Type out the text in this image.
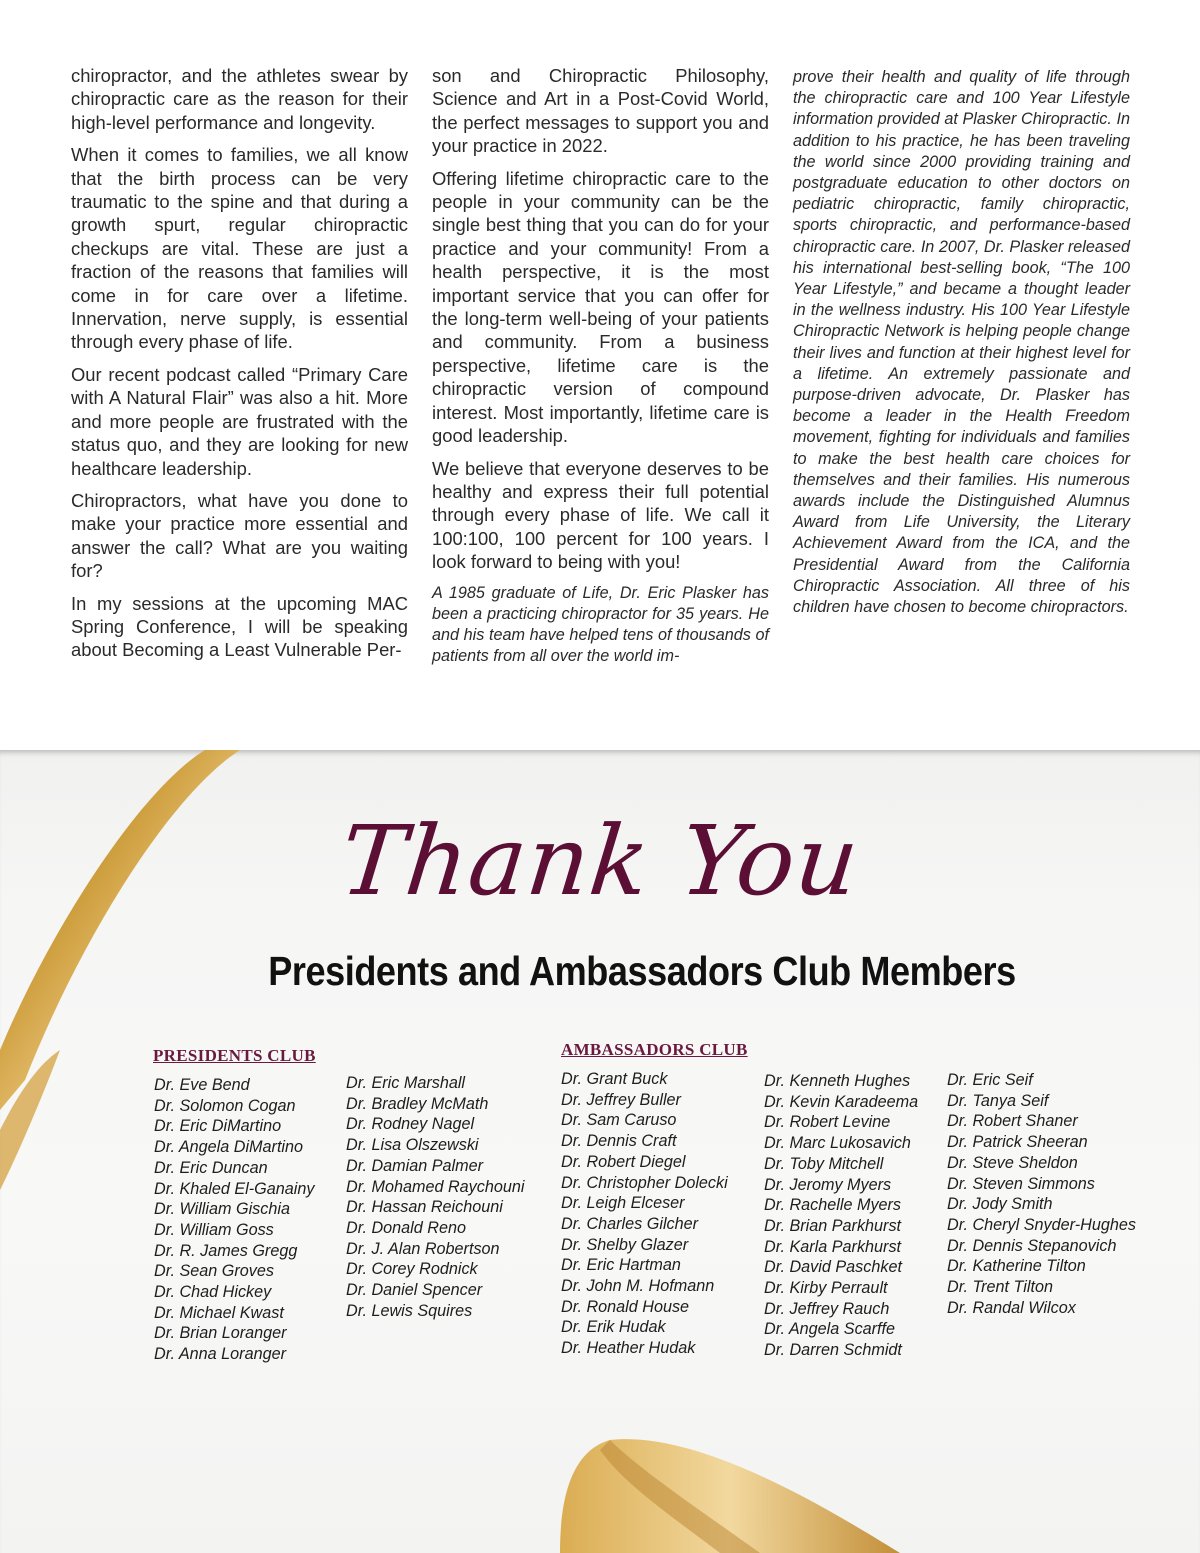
chiropractor, and the athletes swear by chiropractic care as the reason for their high-level performance and longevity.

When it comes to families, we all know that the birth process can be very traumatic to the spine and that during a growth spurt, regular chiropractic checkups are vital. These are just a fraction of the reasons that families will come in for care over a lifetime. Innervation, nerve supply, is essential through every phase of life.

Our recent podcast called “Primary Care with A Natural Flair” was also a hit. More and more people are frustrated with the status quo, and they are looking for new healthcare leadership.

Chiropractors, what have you done to make your practice more essential and answer the call? What are you waiting for?

In my sessions at the upcoming MAC Spring Conference, I will be speaking about Becoming a Least Vulnerable Per-

son and Chiropractic Philosophy, Science and Art in a Post-Covid World, the perfect messages to support you and your practice in 2022.

Offering lifetime chiropractic care to the people in your community can be the single best thing that you can do for your practice and your community! From a health perspective, it is the most important service that you can offer for the long-term well-being of your patients and community. From a business perspective, lifetime care is the chiropractic version of compound interest. Most importantly, lifetime care is good leadership.

We believe that everyone deserves to be healthy and express their full potential through every phase of life. We call it 100:100, 100 percent for 100 years. I look forward to being with you!

A 1985 graduate of Life, Dr. Eric Plasker has been a practicing chiropractor for 35 years. He and his team have helped tens of thousands of patients from all over the world im-

prove their health and quality of life through the chiropractic care and 100 Year Lifestyle information provided at Plasker Chiropractic. In addition to his practice, he has been traveling the world since 2000 providing training and postgraduate education to other doctors on pediatric chiropractic, family chiropractic, sports chiropractic, and performance-based chiropractic care. In 2007, Dr. Plasker released his international best-selling book, “The 100 Year Lifestyle,” and became a thought leader in the wellness industry. His 100 Year Lifestyle Chiropractic Network is helping people change their lives and function at their highest level for a lifetime. An extremely passionate and purpose-driven advocate, Dr. Plasker has become a leader in the Health Freedom movement, fighting for individuals and families to make the best health care choices for themselves and their families. His numerous awards include the Distinguished Alumnus Award from Life University, the Literary Achievement Award from the ICA, and the Presidential Award from the California Chiropractic Association. All three of his children have chosen to become chiropractors.

Thank You
Presidents and Ambassadors Club Members
PRESIDENTS CLUB
Dr. Eve Bend
Dr. Solomon Cogan
Dr. Eric DiMartino
Dr. Angela DiMartino
Dr. Eric Duncan
Dr. Khaled El-Ganainy
Dr. William Gischia
Dr. William Goss
Dr. R. James Gregg
Dr. Sean Groves
Dr. Chad Hickey
Dr. Michael Kwast
Dr. Brian Loranger
Dr. Anna Loranger
Dr. Eric Marshall
Dr. Bradley McMath
Dr. Rodney Nagel
Dr. Lisa Olszewski
Dr. Damian Palmer
Dr. Mohamed Raychouni
Dr. Hassan Reichouni
Dr. Donald Reno
Dr. J. Alan Robertson
Dr. Corey Rodnick
Dr. Daniel Spencer
Dr. Lewis Squires
AMBASSADORS CLUB
Dr. Grant Buck
Dr. Jeffrey Buller
Dr. Sam Caruso
Dr. Dennis Craft
Dr. Robert Diegel
Dr. Christopher Dolecki
Dr. Leigh Elceser
Dr. Charles Gilcher
Dr. Shelby Glazer
Dr. Eric Hartman
Dr. John M. Hofmann
Dr. Ronald House
Dr. Erik Hudak
Dr. Heather Hudak
Dr. Kenneth Hughes
Dr. Kevin Karadeema
Dr. Robert Levine
Dr. Marc Lukosavich
Dr. Toby Mitchell
Dr. Jeromy Myers
Dr. Rachelle Myers
Dr. Brian Parkhurst
Dr. Karla Parkhurst
Dr. David Paschket
Dr. Kirby Perrault
Dr. Jeffrey Rauch
Dr. Angela Scarffe
Dr. Darren Schmidt
Dr. Eric Seif
Dr. Tanya Seif
Dr. Robert Shaner
Dr. Patrick Sheeran
Dr. Steve Sheldon
Dr. Steven Simmons
Dr. Jody Smith
Dr. Cheryl Snyder-Hughes
Dr. Dennis Stepanovich
Dr. Katherine Tilton
Dr. Trent Tilton
Dr. Randal Wilcox
